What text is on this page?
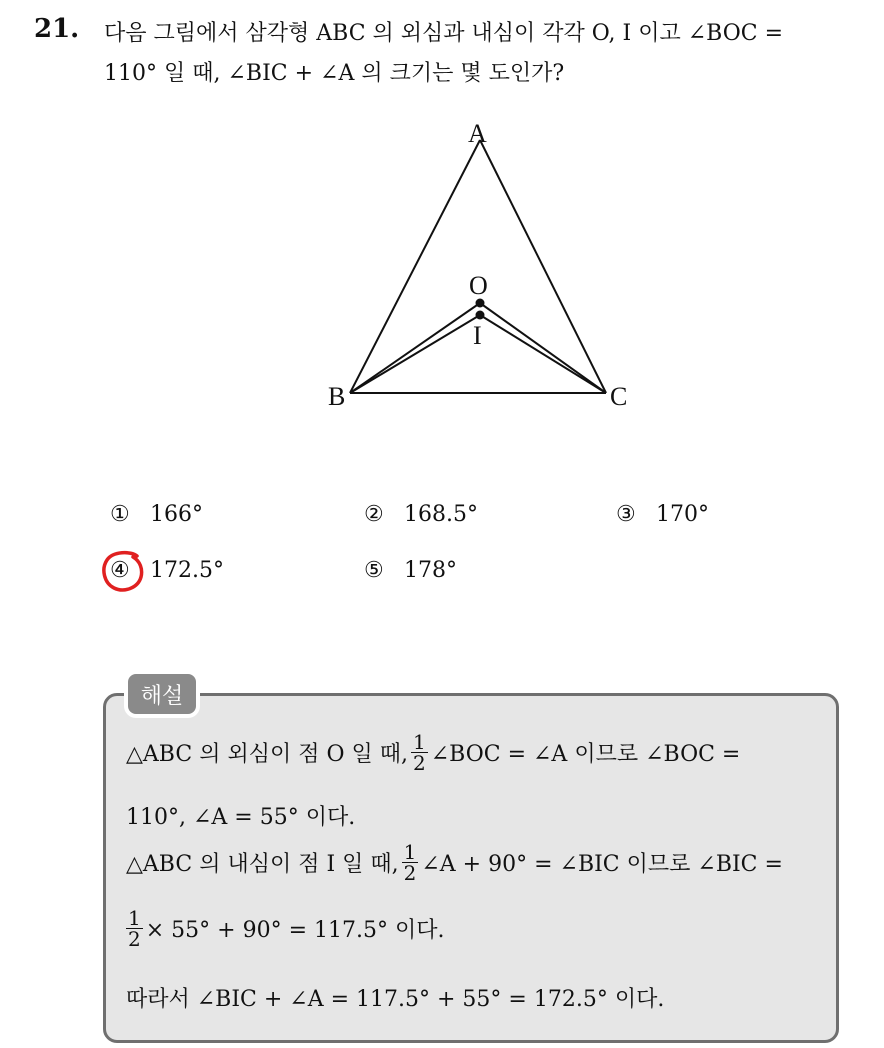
21. 다음 그림에서 삼각형 ABC 의 외심과 내심이 각각 O, I 이고 ∠BOC =
110° 일 때, ∠BIC + ∠A 의 크기는 몇 도인가?
A
B	C
O
I
① 166°	② 168.5°	③ 170°
④ 172.5°	⑤ 178°
해설
△ABC 의 외심이 점 O 일 때, $\frac{1}{2}$ ∠BOC = ∠A 이므로 ∠BOC =
110°, ∠A = 55° 이다.
△ABC 의 내심이 점 I 일 때, $\frac{1}{2}$ ∠A + 90° = ∠BIC 이므로 ∠BIC =
$\frac{1}{2} \times 55^\circ + 90^\circ = 117.5^\circ$ 이다.
따라서 ∠BIC + ∠A = 117.5° + 55° = 172.5° 이다.
